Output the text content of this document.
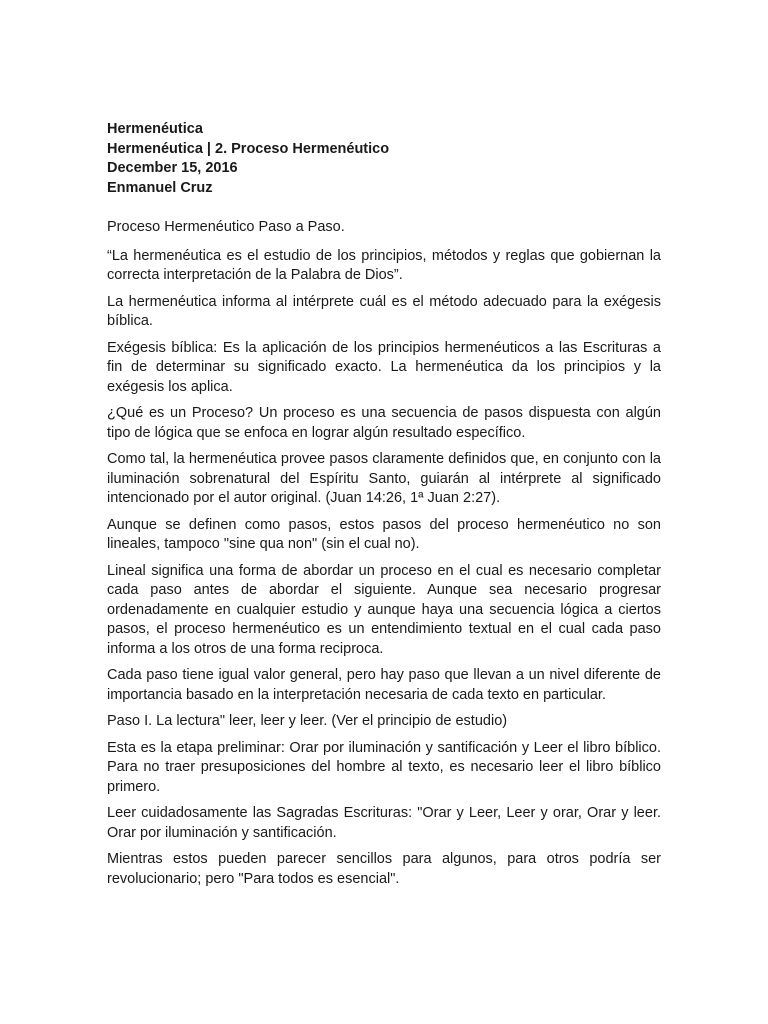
Hermenéutica

Hermenéutica | 2. Proceso Hermenéutico

December 15, 2016

Enmanuel Cruz

Proceso Hermenéutico Paso a Paso.

“La hermenéutica es el estudio de los principios, métodos y reglas que gobiernan la correcta interpretación de la Palabra de Dios”.

La hermenéutica informa al intérprete cuál es el método adecuado para la exégesis bíblica.

Exégesis bíblica: Es la aplicación de los principios hermenéuticos a las Escrituras a fin de determinar su significado exacto. La hermenéutica da los principios y la exégesis los aplica.

¿Qué es un Proceso? Un proceso es una secuencia de pasos dispuesta con algún tipo de lógica que se enfoca en lograr algún resultado específico.

Como tal, la hermenéutica provee pasos claramente definidos que, en conjunto con la iluminación sobrenatural del Espíritu Santo, guiarán al intérprete al significado intencionado por el autor original. (Juan 14:26, 1ª Juan 2:27).

Aunque se definen como pasos, estos pasos del proceso hermenéutico no son lineales, tampoco "sine qua non" (sin el cual no).

Lineal significa una forma de abordar un proceso en el cual es necesario completar cada paso antes de abordar el siguiente. Aunque sea necesario progresar ordenadamente en cualquier estudio y aunque haya una secuencia lógica a ciertos pasos, el proceso hermenéutico es un entendimiento textual en el cual cada paso informa a los otros de una forma reciproca.

Cada paso tiene igual valor general, pero hay paso que llevan a un nivel diferente de importancia basado en la interpretación necesaria de cada texto en particular.

Paso I. La lectura" leer, leer y leer. (Ver el principio de estudio)

Esta es la etapa preliminar: Orar por iluminación y santificación y Leer el libro bíblico. Para no traer presuposiciones del hombre al texto, es necesario leer el libro bíblico primero.

Leer cuidadosamente las Sagradas Escrituras: "Orar y Leer, Leer y orar, Orar y leer. Orar por iluminación y santificación.

Mientras estos pueden parecer sencillos para algunos, para otros podría ser revolucionario; pero "Para todos es esencial".
